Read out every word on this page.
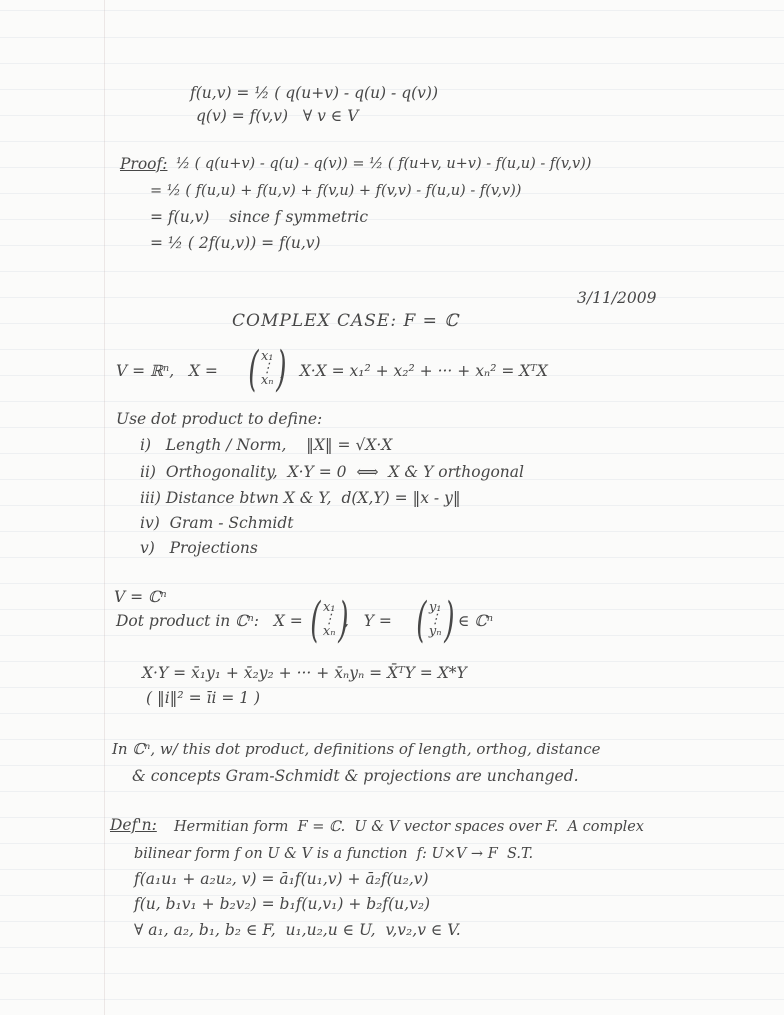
f(u,v) = ½ ( q(u+v) - q(u) - q(v))
q(v) = f(v,v)   ∀ v ∈ V
Proof: ½ ( q(u+v) - q(u) - q(v)) = ½ ( f(u+v, u+v) - f(u,u) - f(v,v))
= ½ ( f(u,u) + f(u,v) + f(v,u) + f(v,v) - f(u,u) - f(v,v))
= f(u,v)    since f symmetric
= ½ ( 2f(u,v)) = f(u,v)
3/11/2009
COMPLEX CASE: F = ℂ
V = ℝⁿ,   X = ( x₁
⋮
xₙ )
,   X·X = x₁² + x₂² + ··· + xₙ² = XᵀX
Use dot product to define:
i)   Length / Norm,    ‖X‖ = √X·X
ii)  Orthogonality,  X·Y = 0  ⟺  X & Y orthogonal
iii) Distance btwn X & Y,  d(X,Y) = ‖x - y‖
iv)  Gram - Schmidt
v)   Projections
V = ℂⁿ
Dot product in ℂⁿ:   X = ( x₁
⋮
xₙ )
,   Y = ( y₁
⋮
yₙ ) ∈ ℂⁿ
X·Y = x̄₁y₁ + x̄₂y₂ + ··· + x̄ₙyₙ = X̄ᵀY = X*Y
( ‖i‖² = īi = 1 )
In ℂⁿ, w/ this dot product, definitions of length, orthog, distance
& concepts Gram-Schmidt & projections are unchanged.
Def'n: Hermitian form  F = ℂ.  U & V vector spaces over F.  A complex
bilinear form f on U & V is a function  f: U×V → F  S.T.
f(a₁u₁ + a₂u₂, v) = ā₁f(u₁,v) + ā₂f(u₂,v)
f(u, b₁v₁ + b₂v₂) = b₁f(u,v₁) + b₂f(u,v₂)
∀ a₁, a₂, b₁, b₂ ∈ F,  u₁,u₂,u ∈ U,  v,v₂,v ∈ V.
